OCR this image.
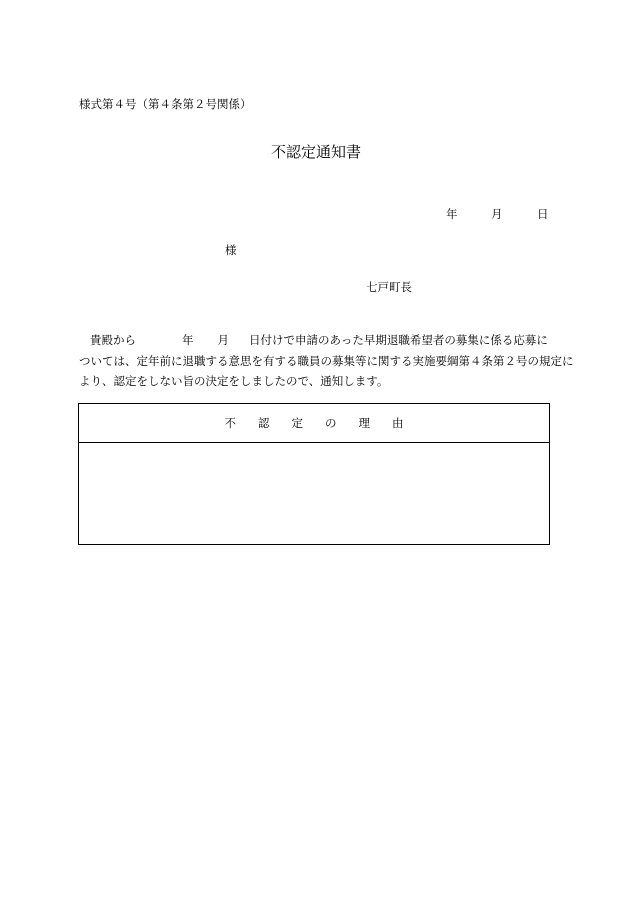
様式第４号（第４条第２号関係）
不認定通知書
年	月	日
様
七戸町長
貴殿から	年 月 日付けで申請のあった早期退職希望者の募集に係る応募に
ついては、定年前に退職する意思を有する職員の募集等に関する実施要綱第４条第２号の規定に
より、認定をしない旨の決定をしましたので、通知します。
不 認 定 の 理 由
